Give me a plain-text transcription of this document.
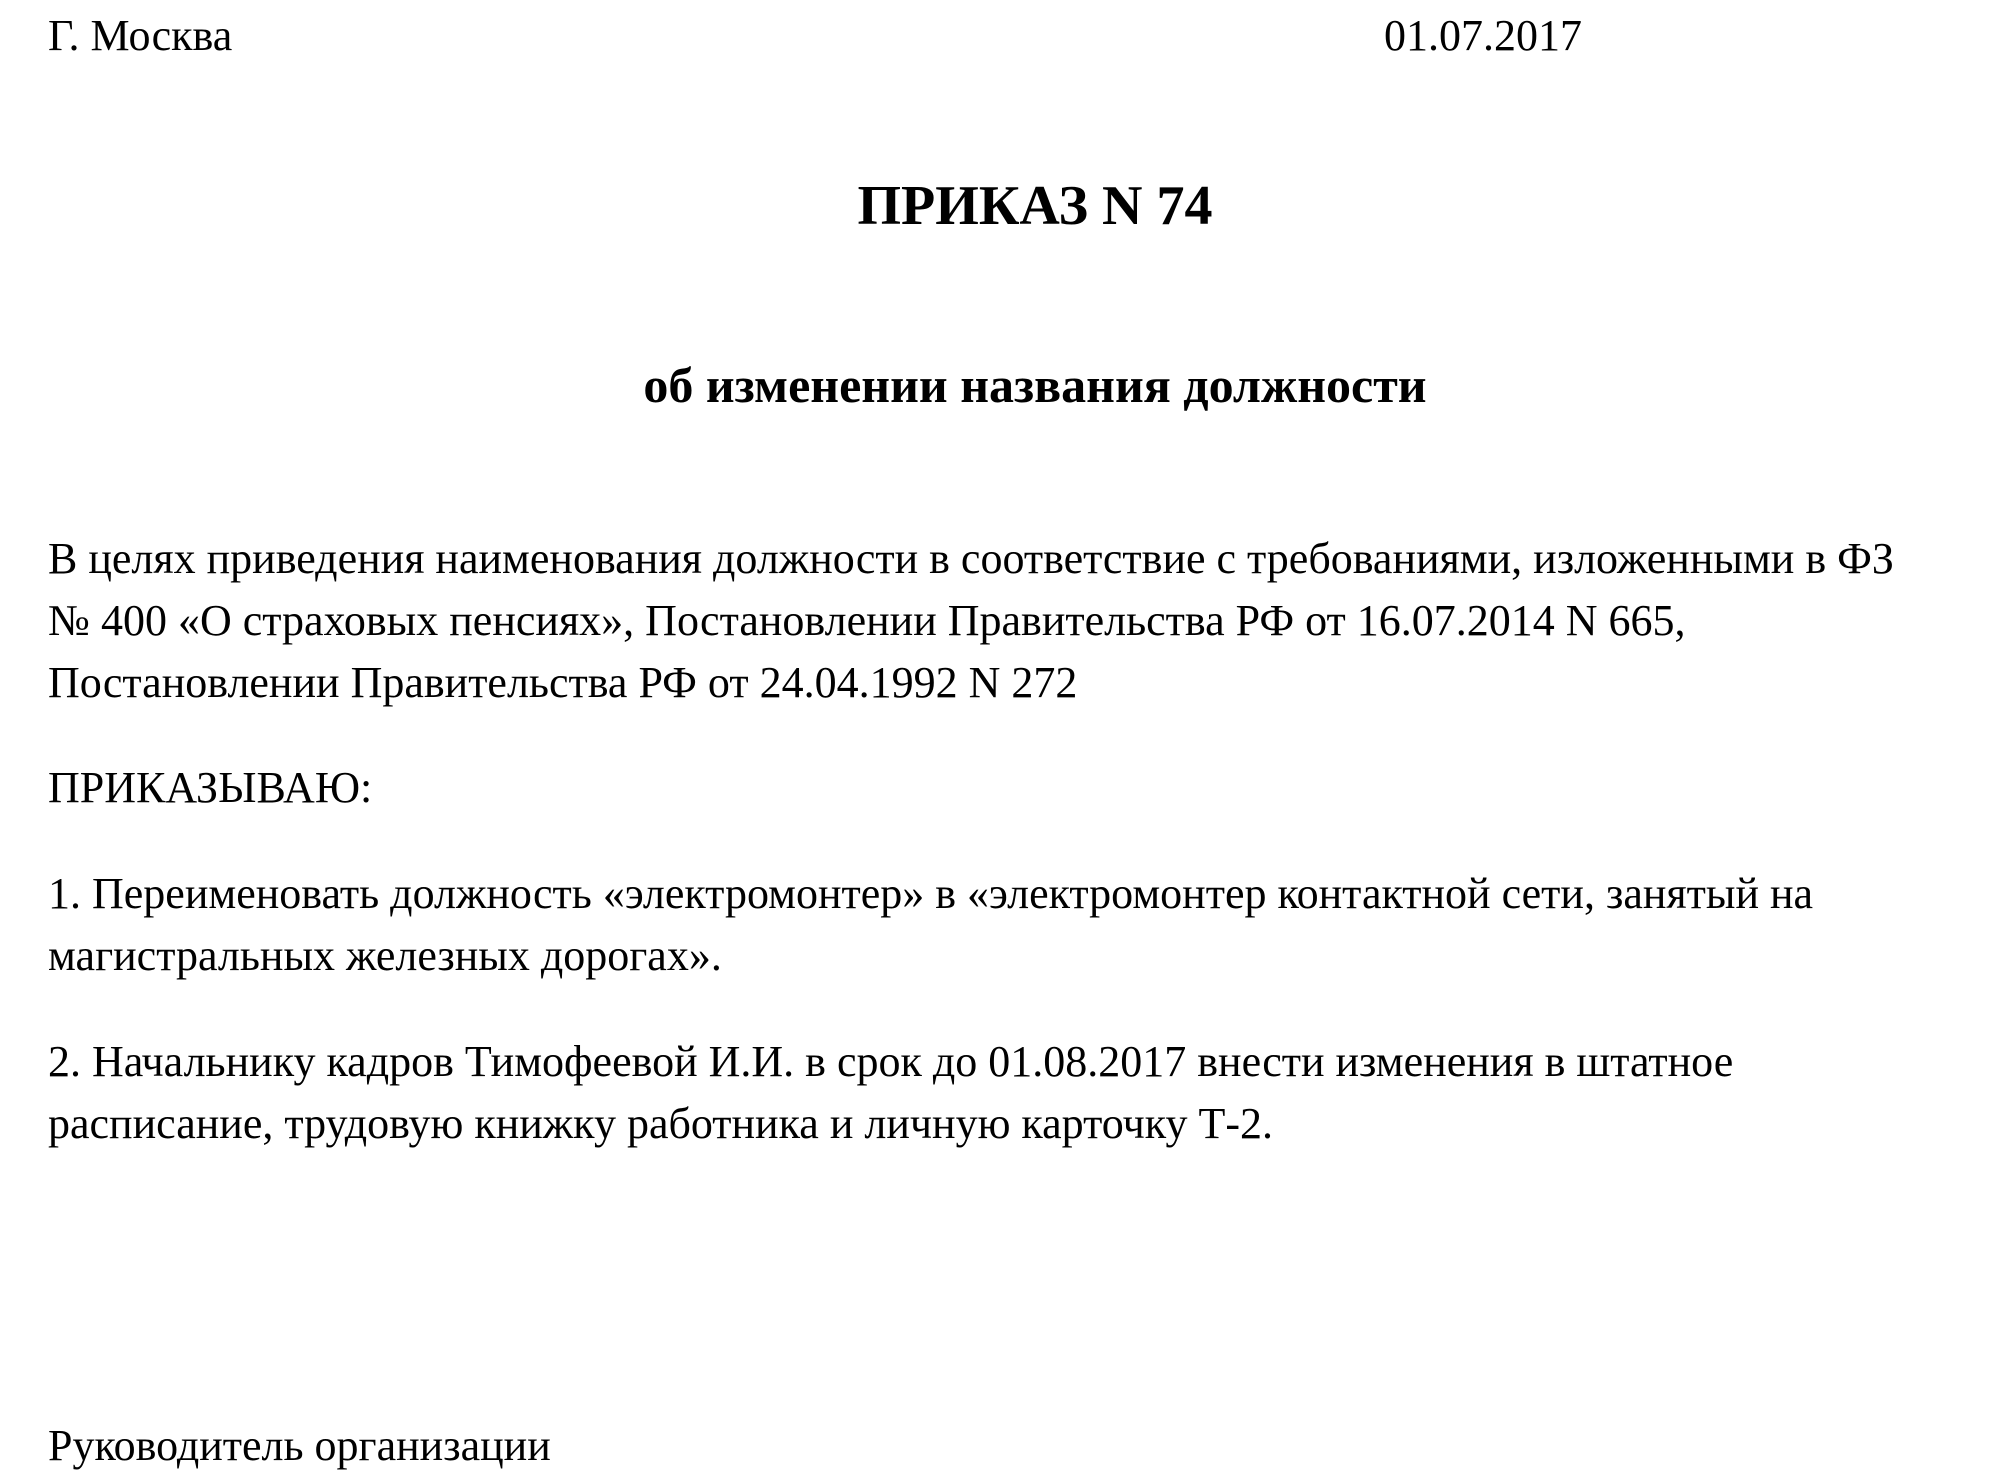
Г. Москва	01.07.2017

ПРИКАЗ N 74

об изменении названия должности

В целях приведения наименования должности в соответствие с требованиями, изложенными в ФЗ
№ 400 «О страховых пенсиях», Постановлении Правительства РФ от 16.07.2014 N 665,
Постановлении Правительства РФ от 24.04.1992 N 272
ПРИКАЗЫВАЮ:
1. Переименовать должность «электромонтер» в «электромонтер контактной сети, занятый на
магистральных железных дорогах».
2. Начальнику кадров Тимофеевой И.И. в срок до 01.08.2017 внести изменения в штатное
расписание, трудовую книжку работника и личную карточку Т-2.

Руководитель организации
